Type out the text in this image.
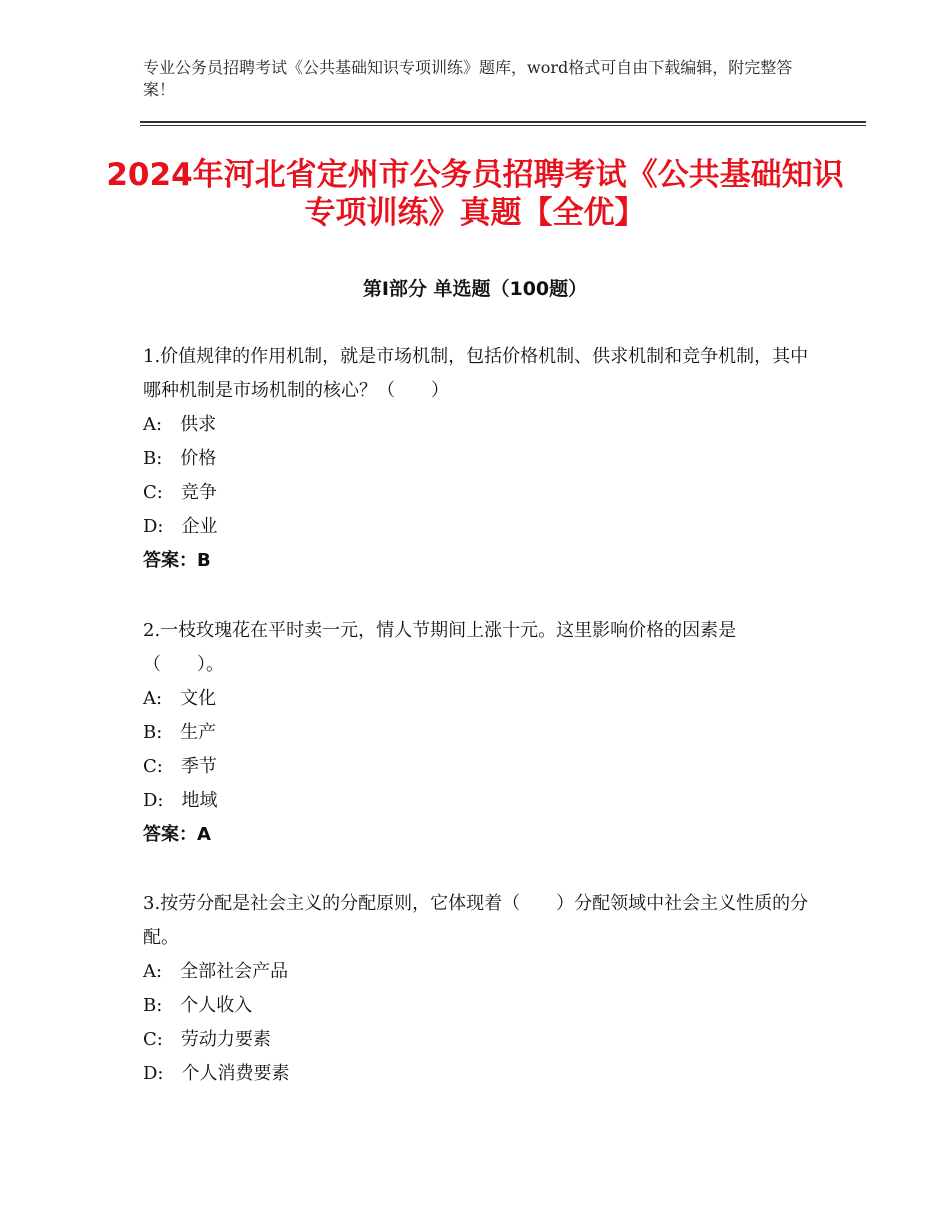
专业公务员招聘考试《公共基础知识专项训练》题库，word格式可自由下载编辑，附完整答案！
2024年河北省定州市公务员招聘考试《公共基础知识专项训练》真题【全优】
第Ⅰ部分 单选题（100题）

1.价值规律的作用机制，就是市场机制，包括价格机制、供求机制和竞争机制，其中哪种机制是市场机制的核心？（　　）

A:　供求

B:　价格

C:　竞争

D:　企业

答案：B

2.一枝玫瑰花在平时卖一元，情人节期间上涨十元。这里影响价格的因素是（　　）。

A:　文化

B:　生产

C:　季节

D:　地域

答案：A

3.按劳分配是社会主义的分配原则，它体现着（　　）分配领域中社会主义性质的分配。

A:　全部社会产品

B:　个人收入

C:　劳动力要素

D:　个人消费要素
